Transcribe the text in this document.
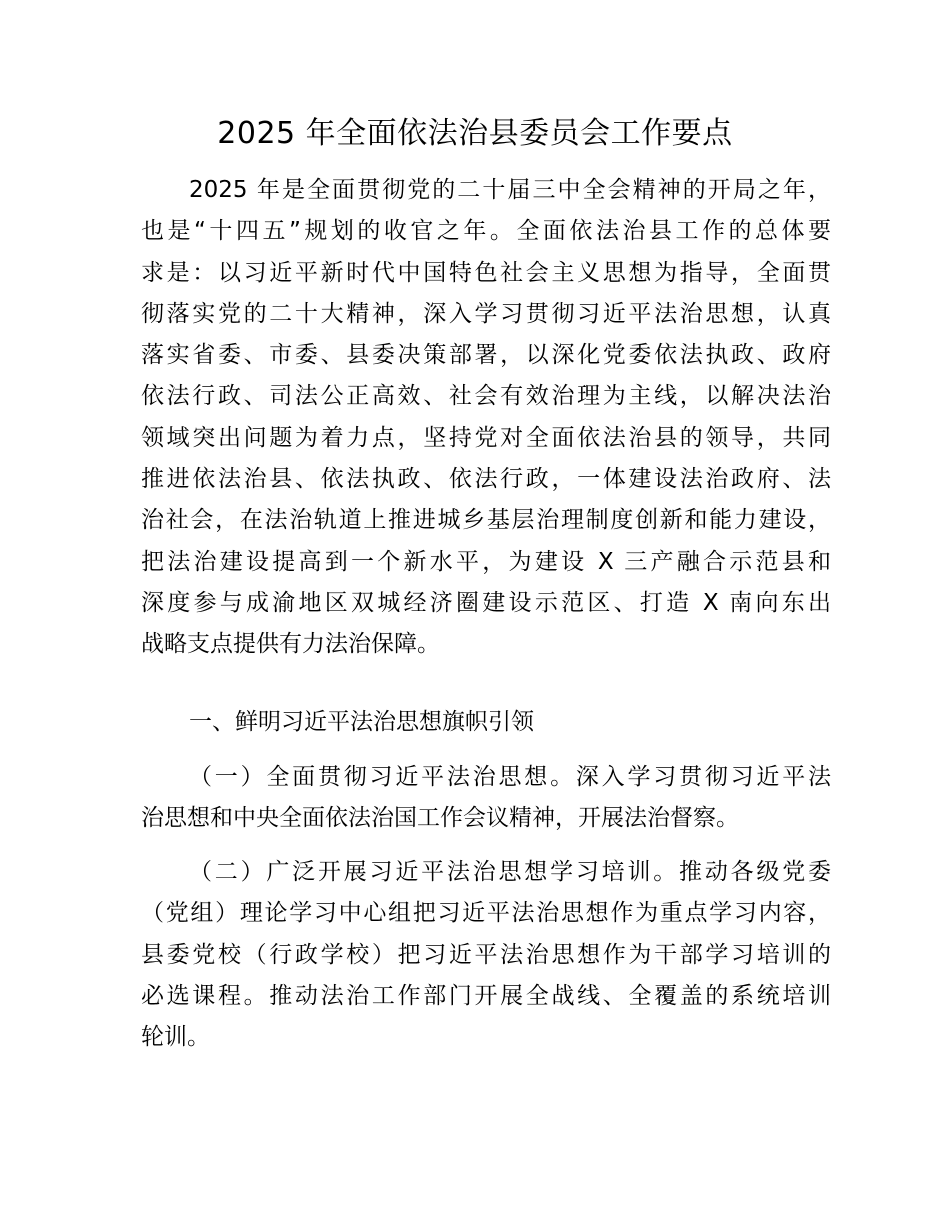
2025 年全面依法治县委员会工作要点
2025 年是全面贯彻党的二十届三中全会精神的开局之年，
也是“十四五”规划的收官之年。全面依法治县工作的总体要
求是：以习近平新时代中国特色社会主义思想为指导，全面贯
彻落实党的二十大精神，深入学习贯彻习近平法治思想，认真
落实省委、市委、县委决策部署，以深化党委依法执政、政府
依法行政、司法公正高效、社会有效治理为主线，以解决法治
领域突出问题为着力点，坚持党对全面依法治县的领导，共同
推进依法治县、依法执政、依法行政，一体建设法治政府、法
治社会，在法治轨道上推进城乡基层治理制度创新和能力建设，
把法治建设提高到一个新水平，为建设 X 三产融合示范县和
深度参与成渝地区双城经济圈建设示范区、打造 X 南向东出
战略支点提供有力法治保障。
一、鲜明习近平法治思想旗帜引领
（一）全面贯彻习近平法治思想。深入学习贯彻习近平法
治思想和中央全面依法治国工作会议精神，开展法治督察。
（二）广泛开展习近平法治思想学习培训。推动各级党委
（党组）理论学习中心组把习近平法治思想作为重点学习内容，
县委党校（行政学校）把习近平法治思想作为干部学习培训的
必选课程。推动法治工作部门开展全战线、全覆盖的系统培训
轮训。
